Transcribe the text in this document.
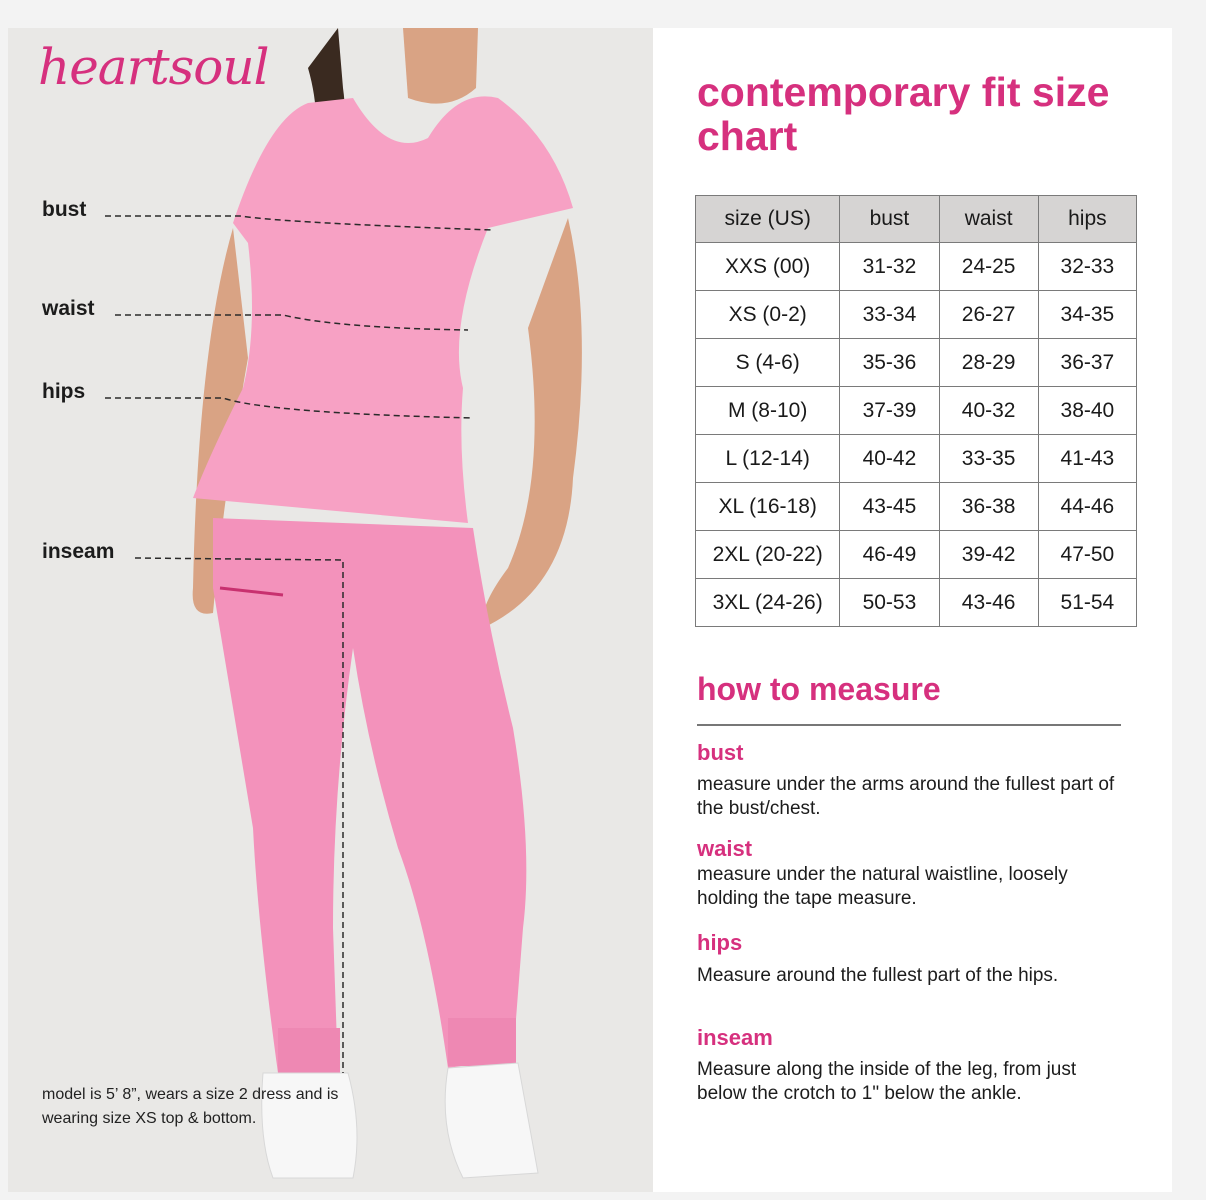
heartsoul
bust
waist
hips
inseam
model is 5’ 8”, wears a size 2 dress and is wearing size XS top & bottom.
contemporary fit size chart
size (US)	bust	waist	hips
XXS (00)	31-32	24-25	32-33
XS (0-2)	33-34	26-27	34-35
S (4-6)	35-36	28-29	36-37
M (8-10)	37-39	40-32	38-40
L (12-14)	40-42	33-35	41-43
XL (16-18)	43-45	36-38	44-46
2XL (20-22)	46-49	39-42	47-50
3XL (24-26)	50-53	43-46	51-54
how to measure
bust
measure under the arms around the fullest part of the bust/chest.
waist
measure under the natural waistline, loosely holding the tape measure.
hips
Measure around the fullest part of the hips.
inseam
Measure along the inside of the leg, from just below the crotch to 1" below the ankle.
